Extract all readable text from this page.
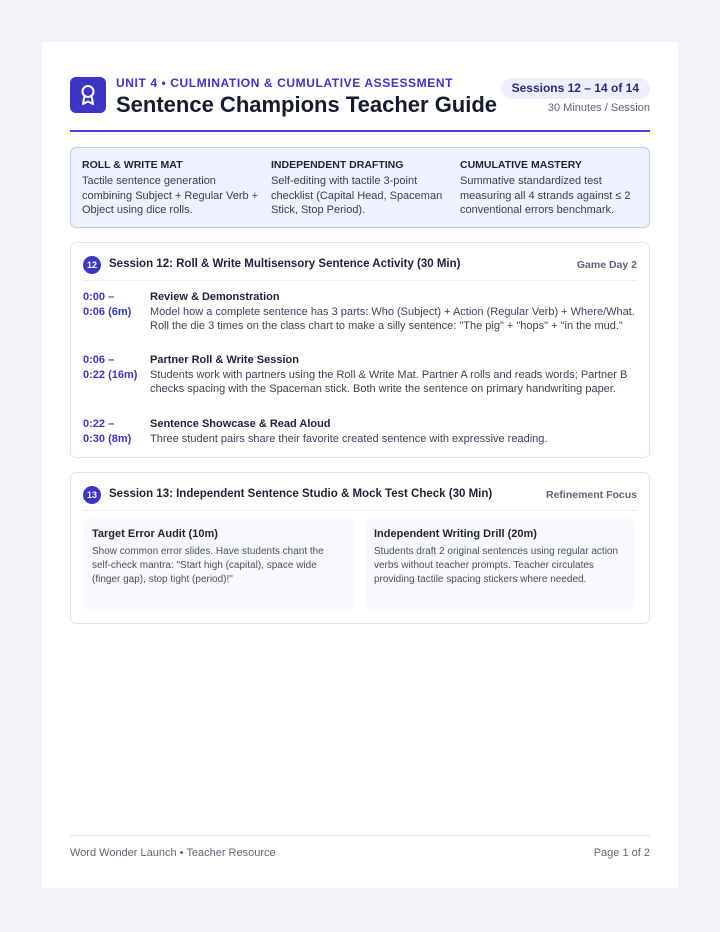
UNIT 4 • CULMINATION & CUMULATIVE ASSESSMENT
Sentence Champions Teacher Guide
Sessions 12 – 14 of 14
30 Minutes / Session
ROLL & WRITE MAT
Tactile sentence generation combining Subject + Regular Verb + Object using dice rolls.
INDEPENDENT DRAFTING
Self-editing with tactile 3-point checklist (Capital Head, Spaceman Stick, Stop Period).
CUMULATIVE MASTERY
Summative standardized test measuring all 4 strands against ≤ 2 conventional errors benchmark.
12	Session 12: Roll & Write Multisensory Sentence Activity (30 Min)	Game Day 2
0:00 –
0:06 (6m)
Review & Demonstration
Model how a complete sentence has 3 parts: Who (Subject) + Action (Regular Verb) + Where/What. Roll the die 3 times on the class chart to make a silly sentence: "The pig" + "hops" + "in the mud."
0:06 –
0:22 (16m)
Partner Roll & Write Session
Students work with partners using the Roll & Write Mat. Partner A rolls and reads words; Partner B checks spacing with the Spaceman stick. Both write the sentence on primary handwriting paper.
0:22 –
0:30 (8m)
Sentence Showcase & Read Aloud
Three student pairs share their favorite created sentence with expressive reading.
13	Session 13: Independent Sentence Studio & Mock Test Check (30 Min)	Refinement Focus
Target Error Audit (10m)
Show common error slides. Have students chant the self-check mantra: "Start high (capital), space wide (finger gap), stop tight (period)!"
Independent Writing Drill (20m)
Students draft 2 original sentences using regular action verbs without teacher prompts. Teacher circulates providing tactile spacing stickers where needed.
Word Wonder Launch • Teacher Resource	Page 1 of 2
